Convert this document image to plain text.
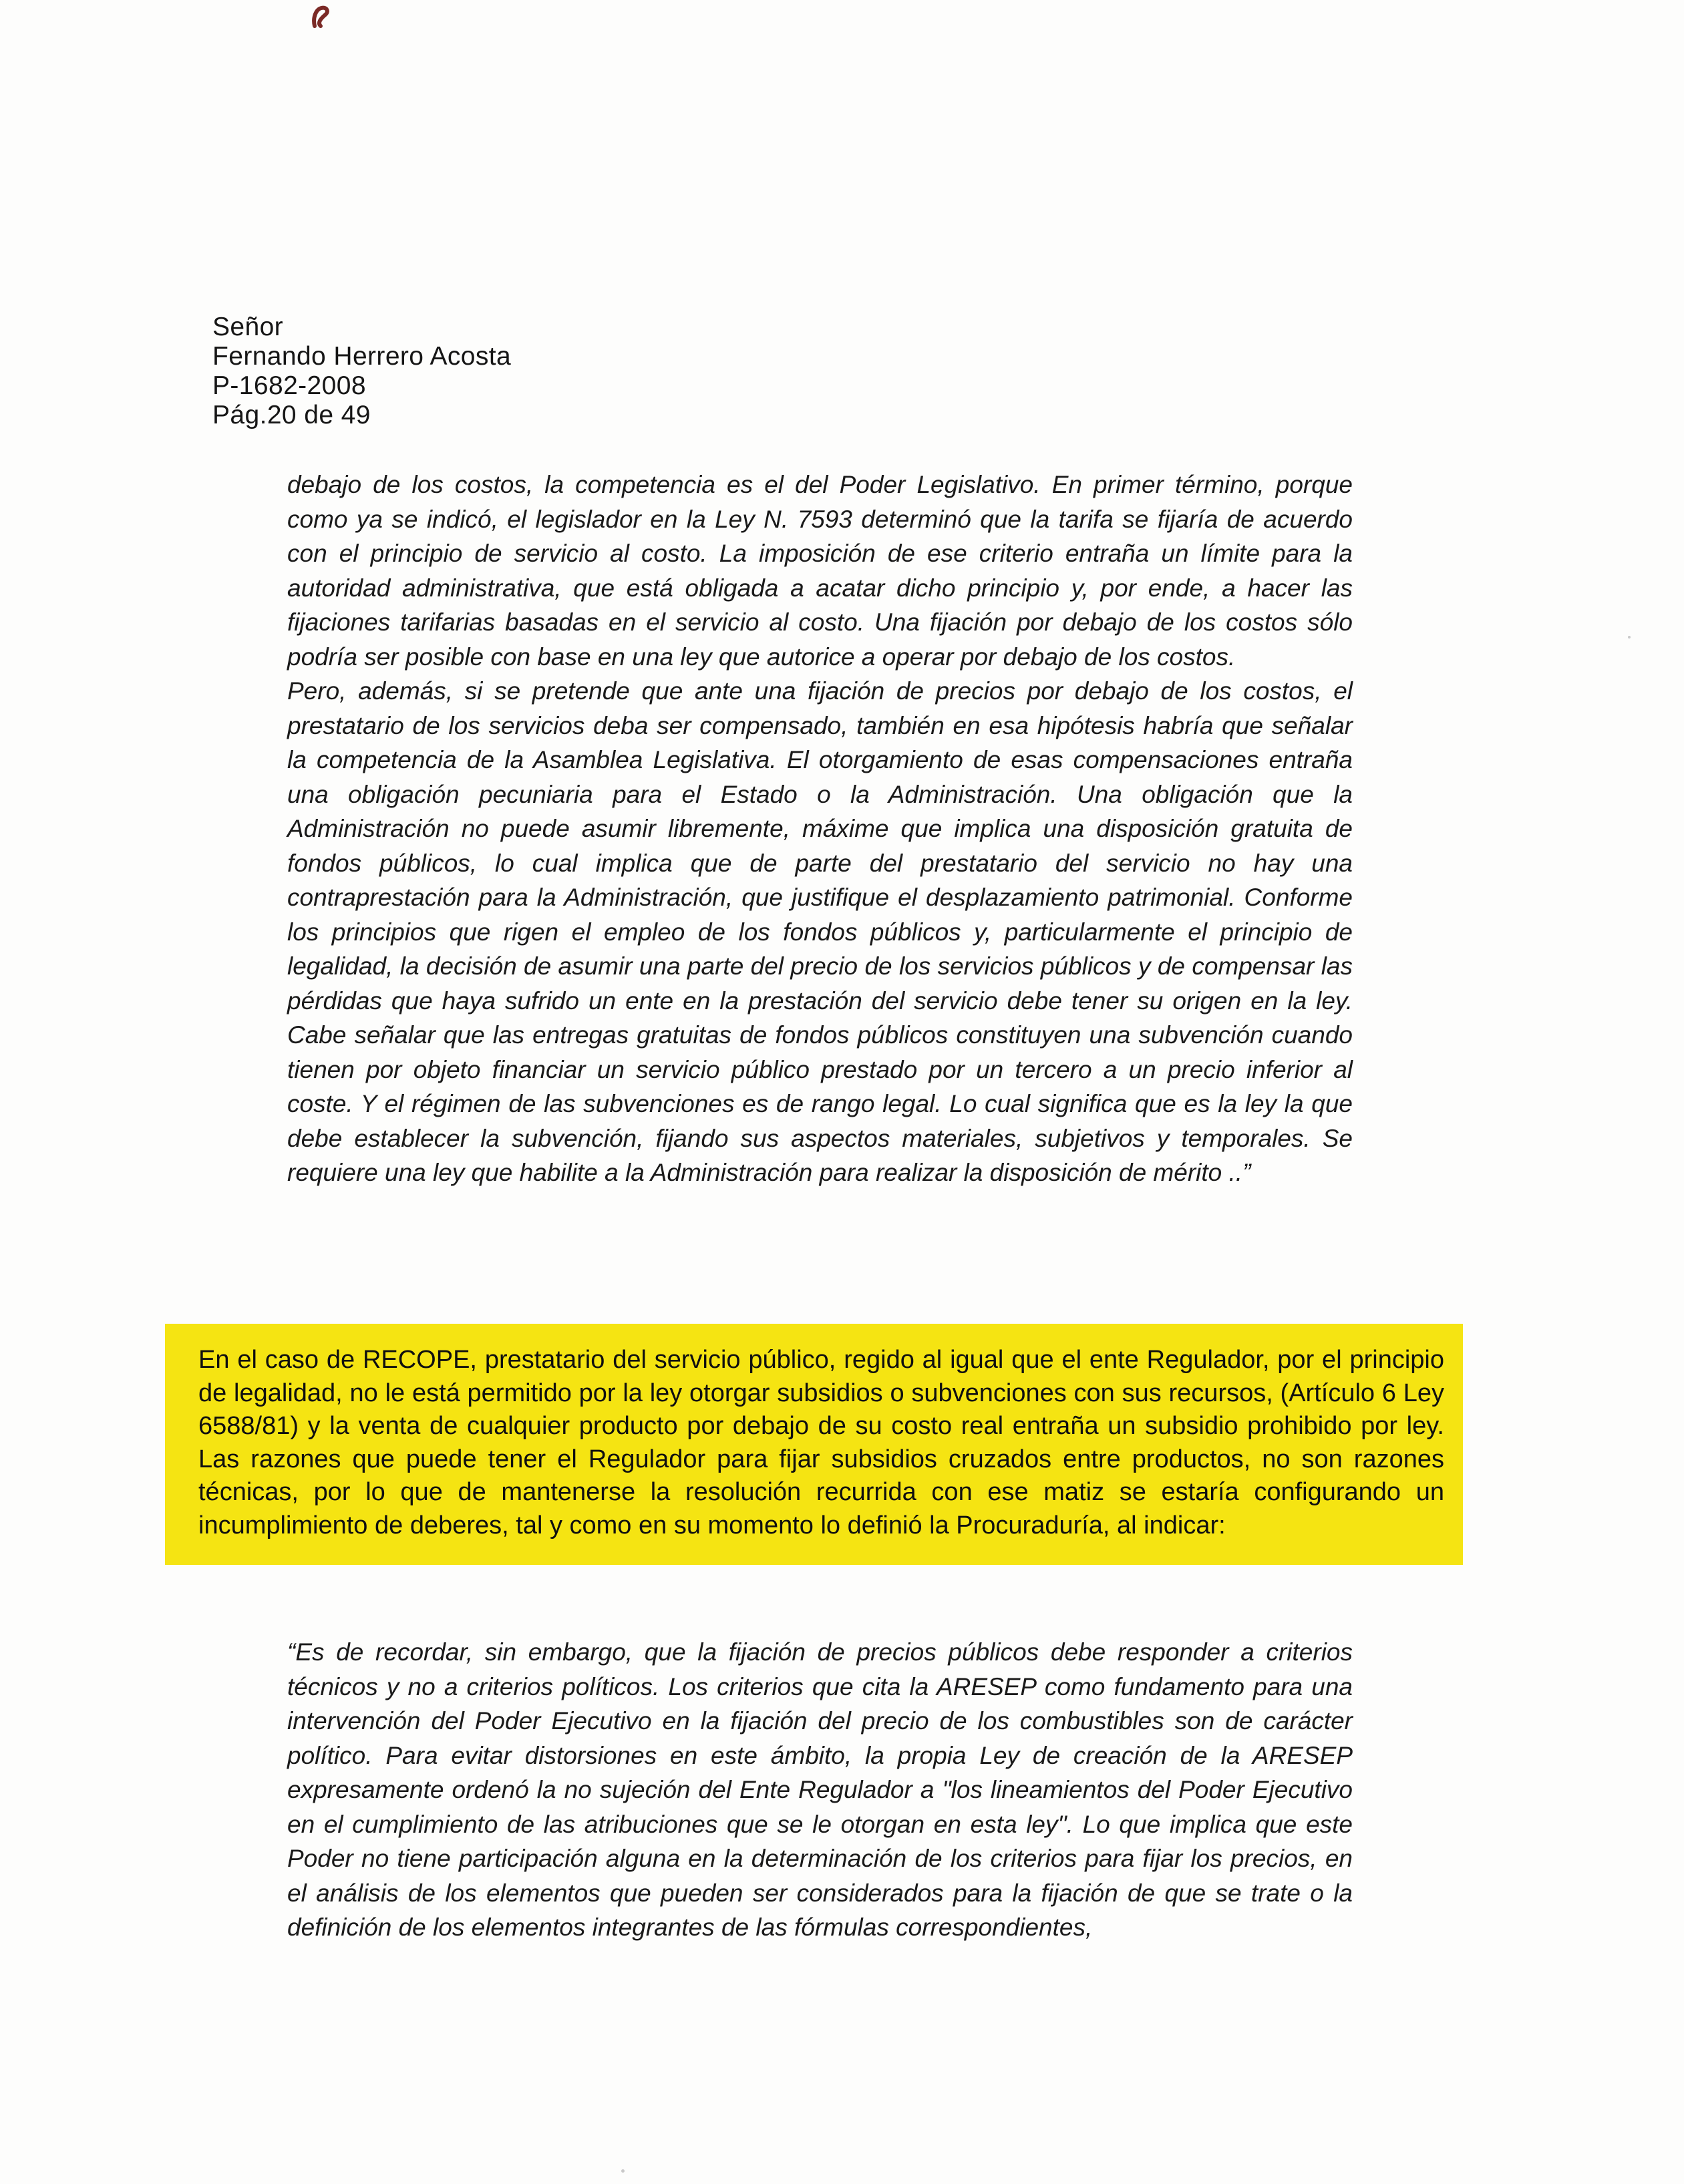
Señor
Fernando Herrero Acosta
P-1682-2008
Pág.20 de 49

debajo de los costos, la competencia es el del Poder Legislativo. En primer término, porque como ya se indicó, el legislador en la Ley N. 7593 determinó que la tarifa se fijaría de acuerdo con el principio de servicio al costo. La imposición de ese criterio entraña un límite para la autoridad administrativa, que está obligada a acatar dicho principio y, por ende, a hacer las fijaciones tarifarias basadas en el servicio al costo. Una fijación por debajo de los costos sólo podría ser posible con base en una ley que autorice a operar por debajo de los costos.

Pero, además, si se pretende que ante una fijación de precios por debajo de los costos, el prestatario de los servicios deba ser compensado, también en esa hipótesis habría que señalar la competencia de la Asamblea Legislativa. El otorgamiento de esas compensaciones entraña una obligación pecuniaria para el Estado o la Administración. Una obligación que la Administración no puede asumir libremente, máxime que implica una disposición gratuita de fondos públicos, lo cual implica que de parte del prestatario del servicio no hay una contraprestación para la Administración, que justifique el desplazamiento patrimonial. Conforme los principios que rigen el empleo de los fondos públicos y, particularmente el principio de legalidad, la decisión de asumir una parte del precio de los servicios públicos y de compensar las pérdidas que haya sufrido un ente en la prestación del servicio debe tener su origen en la ley. Cabe señalar que las entregas gratuitas de fondos públicos constituyen una subvención cuando tienen por objeto financiar un servicio público prestado por un tercero a un precio inferior al coste. Y el régimen de las subvenciones es de rango legal. Lo cual significa que es la ley la que debe establecer la subvención, fijando sus aspectos materiales, subjetivos y temporales. Se requiere una ley que habilite a la Administración para realizar la disposición de mérito ..”

En el caso de RECOPE, prestatario del servicio público, regido al igual que el ente Regulador, por el principio de legalidad, no le está permitido por la ley otorgar subsidios o subvenciones con sus recursos, (Artículo 6 Ley 6588/81) y la venta de cualquier producto por debajo de su costo real entraña un subsidio prohibido por ley. Las razones que puede tener el Regulador para fijar subsidios cruzados entre productos, no son razones técnicas, por lo que de mantenerse la resolución recurrida con ese matiz se estaría configurando un incumplimiento de deberes, tal y como en su momento lo definió la Procuraduría, al indicar:

“Es de recordar, sin embargo, que la fijación de precios públicos debe responder a criterios técnicos y no a criterios políticos. Los criterios que cita la ARESEP como fundamento para una intervención del Poder Ejecutivo en la fijación del precio de los combustibles son de carácter político. Para evitar distorsiones en este ámbito, la propia Ley de creación de la ARESEP expresamente ordenó la no sujeción del Ente Regulador a "los lineamientos del Poder Ejecutivo en el cumplimiento de las atribuciones que se le otorgan en esta ley". Lo que implica que este Poder no tiene participación alguna en la determinación de los criterios para fijar los precios, en el análisis de los elementos que pueden ser considerados para la fijación de que se trate o la definición de los elementos integrantes de las fórmulas correspondientes,
